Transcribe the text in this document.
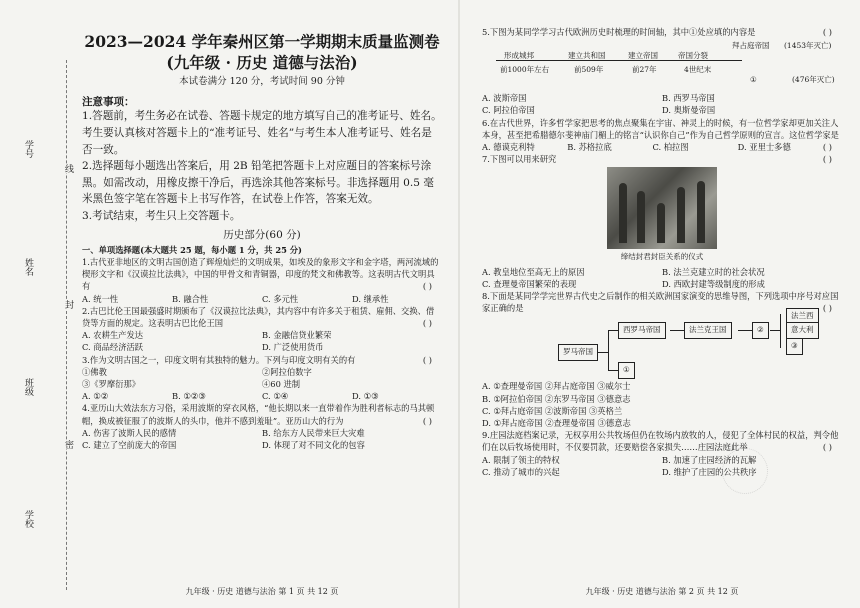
学号
姓名
班级
学校
线
封
密
2023—2024 学年秦州区第一学期期末质量监测卷
(九年级 · 历史 道德与法治)
本试卷满分 120 分，考试时间 90 分钟
注意事项：

1.答题前，考生务必在试卷、答题卡规定的地方填写自己的准考证号、姓名。考生要认真核对答题卡上的“准考证号、姓名”与考生本人准考证号、姓名是否一致。

2.选择题每小题选出答案后，用 2B 铅笔把答题卡上对应题目的答案标号涂黑。如需改动，用橡皮擦干净后，再选涂其他答案标号。非选择题用 0.5 毫米黑色签字笔在答题卡上书写作答，在试卷上作答，答案无效。

3.考试结束，考生只上交答题卡。

历史部分(60 分)
一、单项选择题(本大题共 25 题，每小题 1 分，共 25 分)

1.古代亚非地区的文明古国创造了辉煌灿烂的文明成果，如埃及的象形文字和金字塔，两河流域的楔形文字和《汉谟拉比法典》，中国的甲骨文和青铜器，印度的梵文和佛教等。这表明古代文明具有	( )

A. 统一性	B. 融合性	C. 多元性	D. 继承性

2.古巴比伦王国最强盛时期颁布了《汉谟拉比法典》，其内容中有许多关于租赁、雇佣、交换、借贷等方面的规定。这表明古巴比伦王国	( )

A. 农耕生产发达	B. 金融信贷业繁荣
C. 商品经济活跃	D. 广泛使用货币

3.作为文明古国之一，印度文明有其独特的魅力。下列与印度文明有关的有	( )

①佛教	②阿拉伯数字
③《罗摩衍那》	④60 进制
A. ①②	B. ①②③	C. ①④	D. ①③

4.亚历山大效法东方习俗，采用波斯的穿衣风格，“他长期以来一直带着作为胜利者标志的马其顿帽，换成被征服了的波斯人的头巾，他并不感到羞耻”。亚历山大的行为	( )

A. 伤害了波斯人民的感情	B. 给东方人民带来巨大灾难
C. 建立了空前庞大的帝国	D. 体现了对不同文化的包容
九年级 · 历史 道德与法治 第 1 页 共 12 页

5.下图为某同学学习古代欧洲历史时梳理的时间轴，其中①处应填的内容是	( )

形成城邦	建立共和国	建立帝国	帝国分裂
前1000年左右	前509年	前27年	4世纪末
拜占庭帝国 (1453年灭亡)
①	(476年灭亡)
A. 波斯帝国	B. 西罗马帝国
C. 阿拉伯帝国	D. 奥斯曼帝国

6.在古代世界，许多哲学家把思考的焦点聚集在宇宙、神灵上的时候，有一位哲学家却更加关注人本身，甚至把希腊德尔斐神庙门楣上的铭言“认识你自己”作为自己哲学原则的宣言。这位哲学家是
( )

A. 德谟克利特	B. 苏格拉底	C. 柏拉图	D. 亚里士多德

7.下图可以用来研究	( )

缔结封君封臣关系的仪式
A. 教皇地位至高无上的原因	B. 法兰克建立时的社会状况
C. 查理曼帝国繁荣的表现	D. 西欧封建等级制度的形成

8.下面是某同学学完世界古代史之后制作的相关欧洲国家演变的思维导图，下列选项中序号对应国家正确的是	( )

罗马帝国
西罗马帝国
①
法兰克王国	②
法兰西
意大利
③
A. ①查理曼帝国 ②拜占庭帝国 ③威尔士
B. ①阿拉伯帝国 ②东罗马帝国 ③德意志
C. ①拜占庭帝国 ②波斯帝国 ③英格兰
D. ①拜占庭帝国 ②查理曼帝国 ③德意志

9.庄园法庭档案记录，无权享用公共牧场但仍在牧场内放牧的人，侵犯了全体村民的权益，判令他们在以后牧场使用时，不仅要罚款，还要赔偿各家损失……庄园法庭此举	( )

A. 限制了领主的特权	B. 加速了庄园经济的瓦解
C. 推动了城市的兴起	D. 维护了庄园的公共秩序
九年级 · 历史 道德与法治 第 2 页 共 12 页
